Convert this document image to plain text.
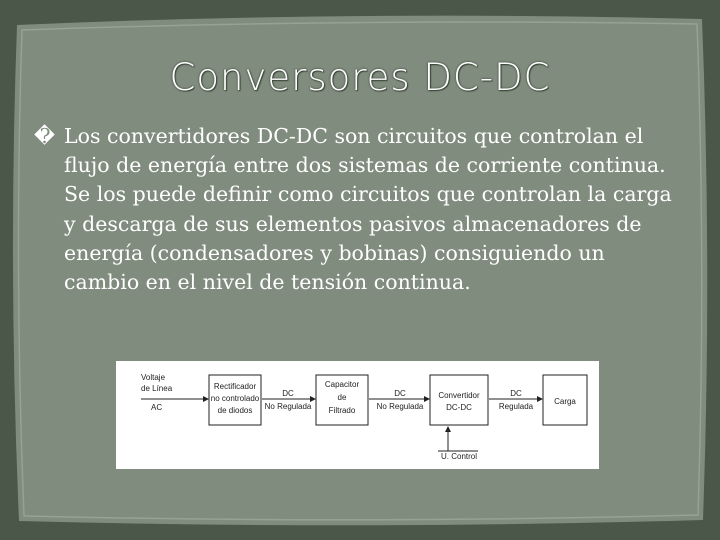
Conversores DC-DC

� Los convertidores DC-DC son circuitos que controlan el flujo de energía entre dos sistemas de corriente continua. Se los puede definir como circuitos que controlan la carga y descarga de sus elementos pasivos almacenadores de energía (condensadores y bobinas) consiguiendo un cambio en el nivel de tensión continua.

Voltaje
de Línea
AC
Rectificador
no controlado
de diodos
DC
No Regulada
Capacitor
de
Filtrado
DC
No Regulada
Convertidor
DC-DC
DC
Regulada
Carga
U. Control
